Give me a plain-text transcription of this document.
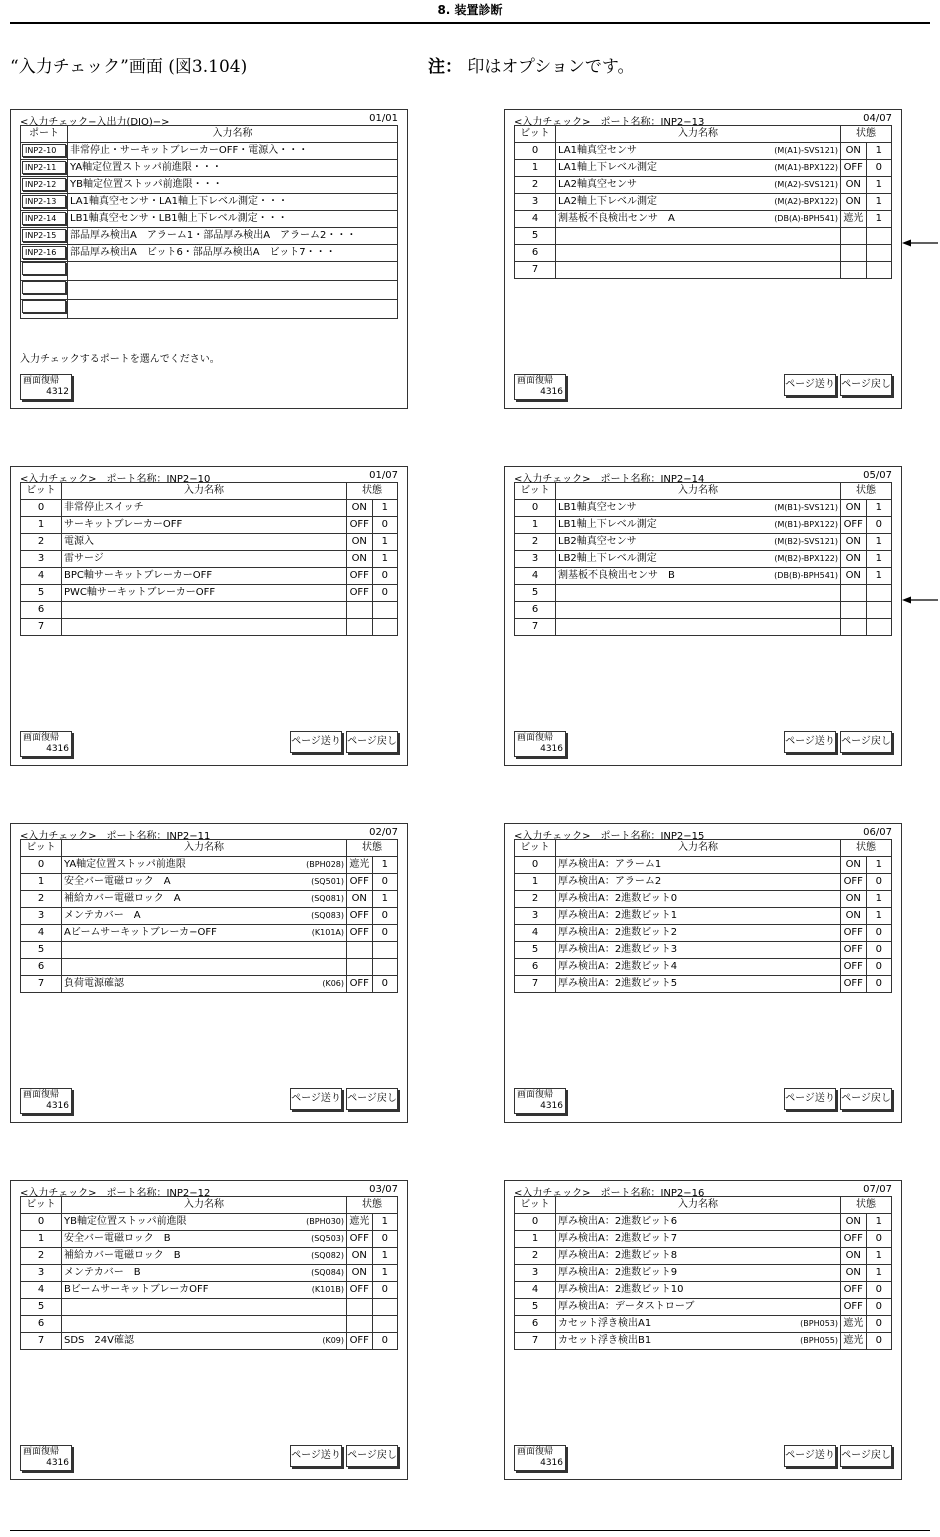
8. 装置診断
“入力チェック”画面 (図3.104)	注： 印はオプションです。
<入力チェック−入出力(DIO)−>	01/01
ポート	入力名称
INP2-10	非常停止・サーキットブレーカーOFF・電源入・・・
INP2-11	YA軸定位置ストッパ前進限・・・
INP2-12	YB軸定位置ストッパ前進限・・・
INP2-13	LA1軸真空センサ・LA1軸上下レベル測定・・・
INP2-14	LB1軸真空センサ・LB1軸上下レベル測定・・・
INP2-15	部品厚み検出A　アラーム1・部品厚み検出A　アラーム2・・・
INP2-16	部品厚み検出A　ビット6・部品厚み検出A　ビット7・・・

入力チェックするポートを選んでください。
画面復帰
4312
<入力チェック>　ポート名称：INP2−10	01/07
ビット	入力名称	状態	
0	非常停止スイッチ	ON	1
1	サーキットブレーカーOFF	OFF	0
2	電源入	ON	1
3	雷サージ	ON	1
4	BPC軸サーキットブレーカーOFF	OFF	0
5	PWC軸サーキットブレーカーOFF	OFF	0
6	

7	

画面復帰
4316
ページ送り ページ戻し
<入力チェック>　ポート名称：INP2−11	02/07
ビット	入力名称	状態	
0	YA軸定位置ストッパ前進限 (BPH028)	遮光	1
1	安全バー電磁ロック　A (SQ501)	OFF	0
2	補給カバー電磁ロック　A (SQ081)	ON	1
3	メンテカバー　A (SQ083)	OFF	0
4	Aビームサーキットブレーカ−OFF (K101A)	OFF	0
5	

6	

7	負荷電源確認 (K06)	OFF	0
画面復帰
4316
ページ送り ページ戻し
<入力チェック>　ポート名称：INP2−12	03/07
ビット	入力名称	状態	
0	YB軸定位置ストッパ前進限 (BPH030)	遮光	1
1	安全バー電磁ロック　B (SQ503)	OFF	0
2	補給カバー電磁ロック　B (SQ082)	ON	1
3	メンテカバー　B (SQ084)	ON	1
4	BビームサーキットブレーカOFF (K101B)	OFF	0
5	

6	

7	SDS　24V確認 (K09)	OFF	0
画面復帰
4316
ページ送り ページ戻し
<入力チェック>　ポート名称：INP2−13	04/07
ビット	入力名称	状態	
0	LA1軸真空センサ (M(A1)-SVS121)	ON	1
1	LA1軸上下レベル測定 (M(A1)-BPX122)	OFF	0
2	LA2軸真空センサ (M(A2)-SVS121)	ON	1
3	LA2軸上下レベル測定 (M(A2)-BPX122)	ON	1
4	割基板不良検出センサ　A (DB(A)-BPH541)	遮光	1
5	

6	

7	

画面復帰
4316
ページ送り ページ戻し
<入力チェック>　ポート名称：INP2−14	05/07
ビット	入力名称	状態	
0	LB1軸真空センサ (M(B1)-SVS121)	ON	1
1	LB1軸上下レベル測定 (M(B1)-BPX122)	OFF	0
2	LB2軸真空センサ (M(B2)-SVS121)	ON	1
3	LB2軸上下レベル測定 (M(B2)-BPX122)	ON	1
4	割基板不良検出センサ　B (DB(B)-BPH541)	ON	1
5	

6	

7	

画面復帰
4316
ページ送り ページ戻し
<入力チェック>　ポート名称：INP2−15	06/07
ビット	入力名称	状態	
0	厚み検出A：アラーム1	ON	1
1	厚み検出A：アラーム2	OFF	0
2	厚み検出A：2進数ビット0	ON	1
3	厚み検出A：2進数ビット1	ON	1
4	厚み検出A：2進数ビット2	OFF	0
5	厚み検出A：2進数ビット3	OFF	0
6	厚み検出A：2進数ビット4	OFF	0
7	厚み検出A：2進数ビット5	OFF	0
画面復帰
4316
ページ送り ページ戻し
<入力チェック>　ポート名称：INP2−16	07/07
ビット	入力名称	状態	
0	厚み検出A：2進数ビット6	ON	1
1	厚み検出A：2進数ビット7	OFF	0
2	厚み検出A：2進数ビット8	ON	1
3	厚み検出A：2進数ビット9	ON	1
4	厚み検出A：2進数ビット10	OFF	0
5	厚み検出A：データストローブ	OFF	0
6	カセット浮き検出A1 (BPH053)	遮光	0
7	カセット浮き検出B1 (BPH055)	遮光	0
画面復帰
4316
ページ送り ページ戻し
